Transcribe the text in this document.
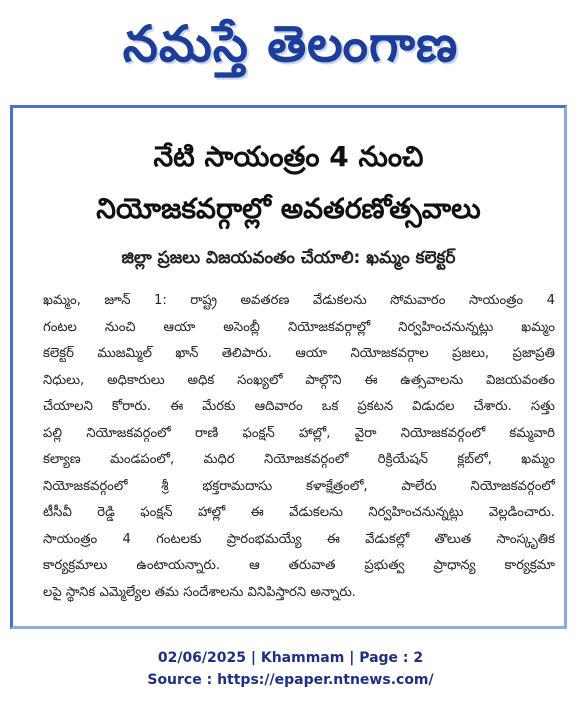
నమస్తే తెలంగాణ
నేటి సాయంత్రం 4 నుంచి
నియోజకవర్గాల్లో అవతరణోత్సవాలు
జిల్లా ప్రజలు విజయవంతం చేయాలి: ఖమ్మం కలెక్టర్
ఖమ్మం, జూన్ 1: రాష్ట్ర అవతరణ వేడుకలను సోమవారం సాయంత్రం 4
గంటల నుంచి ఆయా అసెంబ్లీ నియోజకవర్గాల్లో నిర్వహించనున్నట్లు ఖమ్మం
కలెక్టర్ ముజమ్మిల్ ఖాన్ తెలిపారు. ఆయా నియోజకవర్గాల ప్రజలు, ప్రజాప్రతి
నిధులు, అధికారులు అధిక సంఖ్యలో పాల్గొని ఈ ఉత్సవాలను విజయవంతం
చేయాలని కోరారు. ఈ మేరకు ఆదివారం ఒక ప్రకటన విడుదల చేశారు. సత్తు
పల్లి నియోజకవర్గంలో రాణి ఫంక్షన్ హాల్లో, వైరా నియోజకవర్గంలో కమ్మవారి
కల్యాణ మండపంలో, మధిర నియోజకవర్గంలో రిక్రియేషన్ క్లబ్‌లో, ఖమ్మం
నియోజకవర్గంలో శ్రీ భక్తరామదాసు కళాక్షేత్రంలో, పాలేరు నియోజకవర్గంలో
టీసీవీ రెడ్డి ఫంక్షన్ హాల్లో ఈ వేడుకలను నిర్వహించనున్నట్లు వెల్లడించారు.
సాయంత్రం 4 గంటలకు ప్రారంభమయ్యే ఈ వేడుకల్లో తొలుత సాంస్కృతిక
కార్యక్రమాలు ఉంటాయన్నారు. ఆ తరువాత ప్రభుత్వ ప్రాధాన్య కార్యక్రమా
లపై స్థానిక ఎమ్మెల్యేల తమ సందేశాలను వినిపిస్తారని అన్నారు.
02/06/2025 | Khammam | Page : 2
Source : https://epaper.ntnews.com/
